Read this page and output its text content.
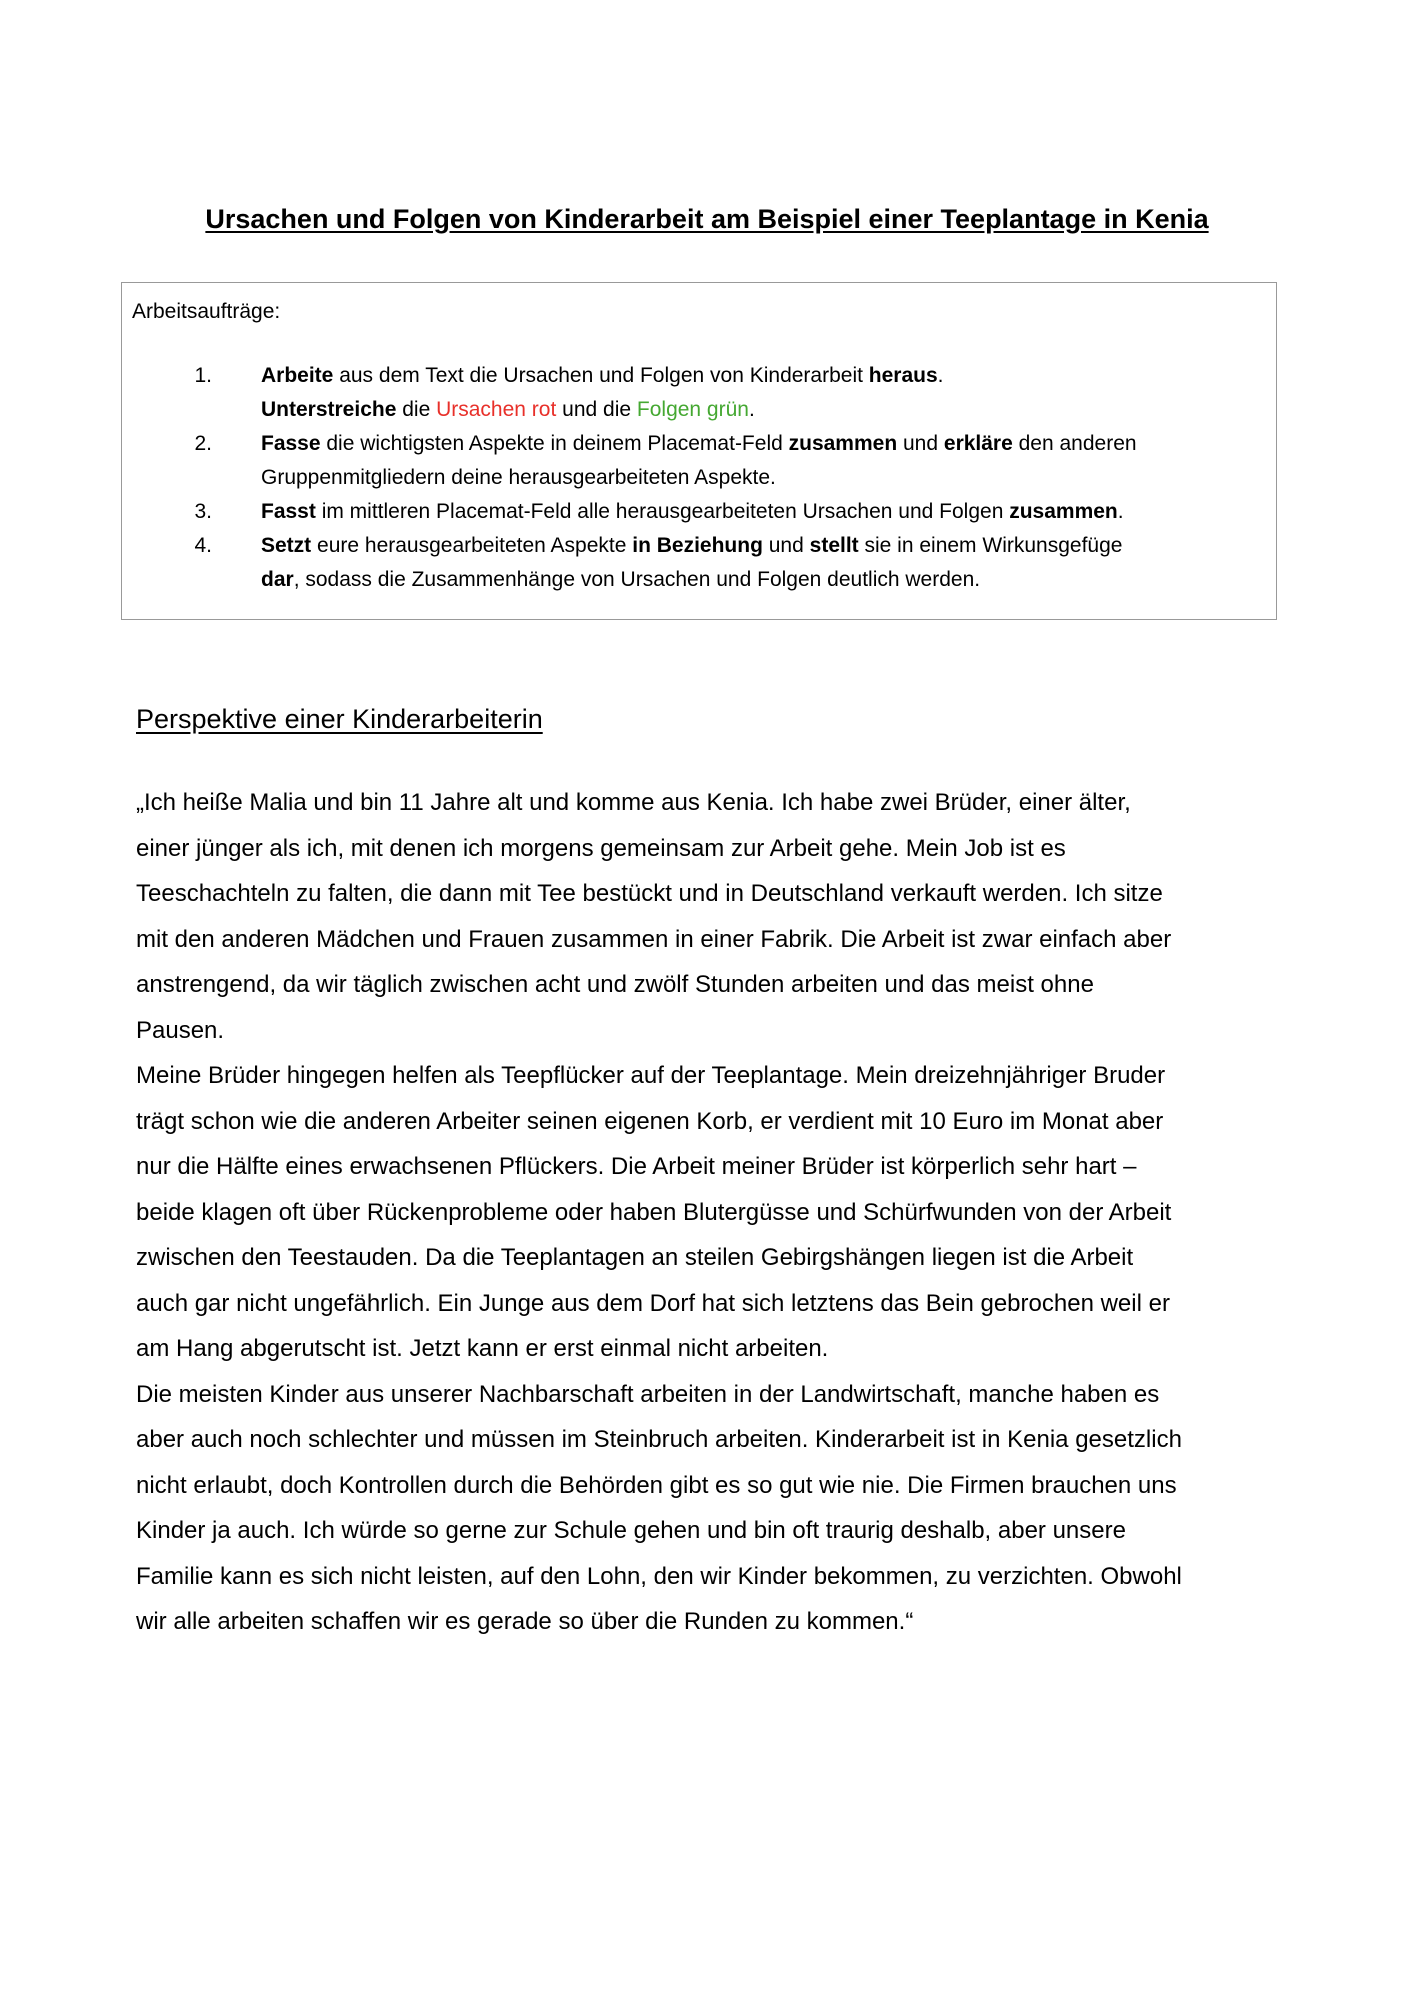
Ursachen und Folgen von Kinderarbeit am Beispiel einer Teeplantage in Kenia
Arbeitsaufträge:
1. Arbeite aus dem Text die Ursachen und Folgen von Kinderarbeit heraus.
Unterstreiche die Ursachen rot und die Folgen grün.
2. Fasse die wichtigsten Aspekte in deinem Placemat-Feld zusammen und erkläre den anderen
Gruppenmitgliedern deine herausgearbeiteten Aspekte.
3. Fasst im mittleren Placemat-Feld alle herausgearbeiteten Ursachen und Folgen zusammen.
4. Setzt eure herausgearbeiteten Aspekte in Beziehung und stellt sie in einem Wirkunsgefüge
dar, sodass die Zusammenhänge von Ursachen und Folgen deutlich werden.
Perspektive einer Kinderarbeiterin
„Ich heiße Malia und bin 11 Jahre alt und komme aus Kenia. Ich habe zwei Brüder, einer älter,
einer jünger als ich, mit denen ich morgens gemeinsam zur Arbeit gehe. Mein Job ist es
Teeschachteln zu falten, die dann mit Tee bestückt und in Deutschland verkauft werden. Ich sitze
mit den anderen Mädchen und Frauen zusammen in einer Fabrik. Die Arbeit ist zwar einfach aber
anstrengend, da wir täglich zwischen acht und zwölf Stunden arbeiten und das meist ohne
Pausen.
Meine Brüder hingegen helfen als Teepflücker auf der Teeplantage. Mein dreizehnjähriger Bruder
trägt schon wie die anderen Arbeiter seinen eigenen Korb, er verdient mit 10 Euro im Monat aber
nur die Hälfte eines erwachsenen Pflückers. Die Arbeit meiner Brüder ist körperlich sehr hart –
beide klagen oft über Rückenprobleme oder haben Blutergüsse und Schürfwunden von der Arbeit
zwischen den Teestauden. Da die Teeplantagen an steilen Gebirgshängen liegen ist die Arbeit
auch gar nicht ungefährlich. Ein Junge aus dem Dorf hat sich letztens das Bein gebrochen weil er
am Hang abgerutscht ist. Jetzt kann er erst einmal nicht arbeiten.
Die meisten Kinder aus unserer Nachbarschaft arbeiten in der Landwirtschaft, manche haben es
aber auch noch schlechter und müssen im Steinbruch arbeiten. Kinderarbeit ist in Kenia gesetzlich
nicht erlaubt, doch Kontrollen durch die Behörden gibt es so gut wie nie. Die Firmen brauchen uns
Kinder ja auch. Ich würde so gerne zur Schule gehen und bin oft traurig deshalb, aber unsere
Familie kann es sich nicht leisten, auf den Lohn, den wir Kinder bekommen, zu verzichten. Obwohl
wir alle arbeiten schaffen wir es gerade so über die Runden zu kommen.“
